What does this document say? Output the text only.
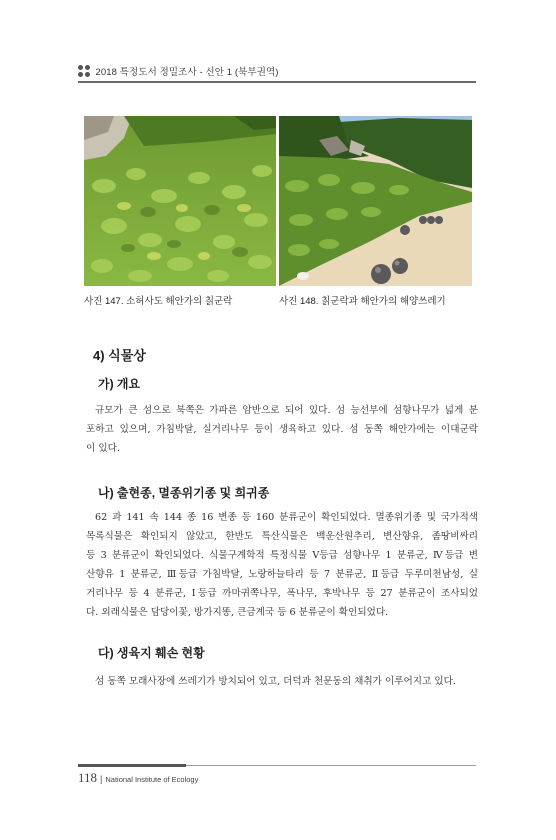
2018 특정도서 정밀조사 - 신안 1 (북부권역)
사진 147. 소허사도 해안가의 칡군락	사진 148. 칡군락과 해안가의 해양쓰레기
4) 식물상
가) 개요
규모가 큰 섬으로 북쪽은 가파른 암반으로 되어 있다. 섬 능선부에 섬향나무가 넓게 분
포하고 있으며, 가침박달, 실거리나무 등이 생육하고 있다. 섬 동쪽 해안가에는 이대군락
이 있다.
나) 출현종, 멸종위기종 및 희귀종
62 과 141 속 144 종 16 변종 등 160 분류군이 확인되었다. 멸종위기종 및 국가적색
목록식물은 확인되지 않았고, 한반도 특산식물은 백운산원추리, 변산향유, 좀땅비싸리
등 3 분류군이 확인되었다. 식물구계학적 특정식물 V등급 섬향나무 1 분류군, Ⅳ등급 변
산향유 1 분류군, Ⅲ등급 가침박달, 노랑하늘타리 등 7 분류군, Ⅱ등급 두루미천남성, 실
거리나무 등 4 분류군, Ⅰ등급 까마귀쪽나무, 폭나무, 후박나무 등 27 분류군이 조사되었
다. 외래식물은 담당이꽃, 방가지똥, 큰금계국 등 6 분류군이 확인되었다.
다) 생육지 훼손 현황
섬 동쪽 모래사장에 쓰레기가 방치되어 있고, 더덕과 천문동의 채취가 이루어지고 있다.
118 | National Institute of Ecology
